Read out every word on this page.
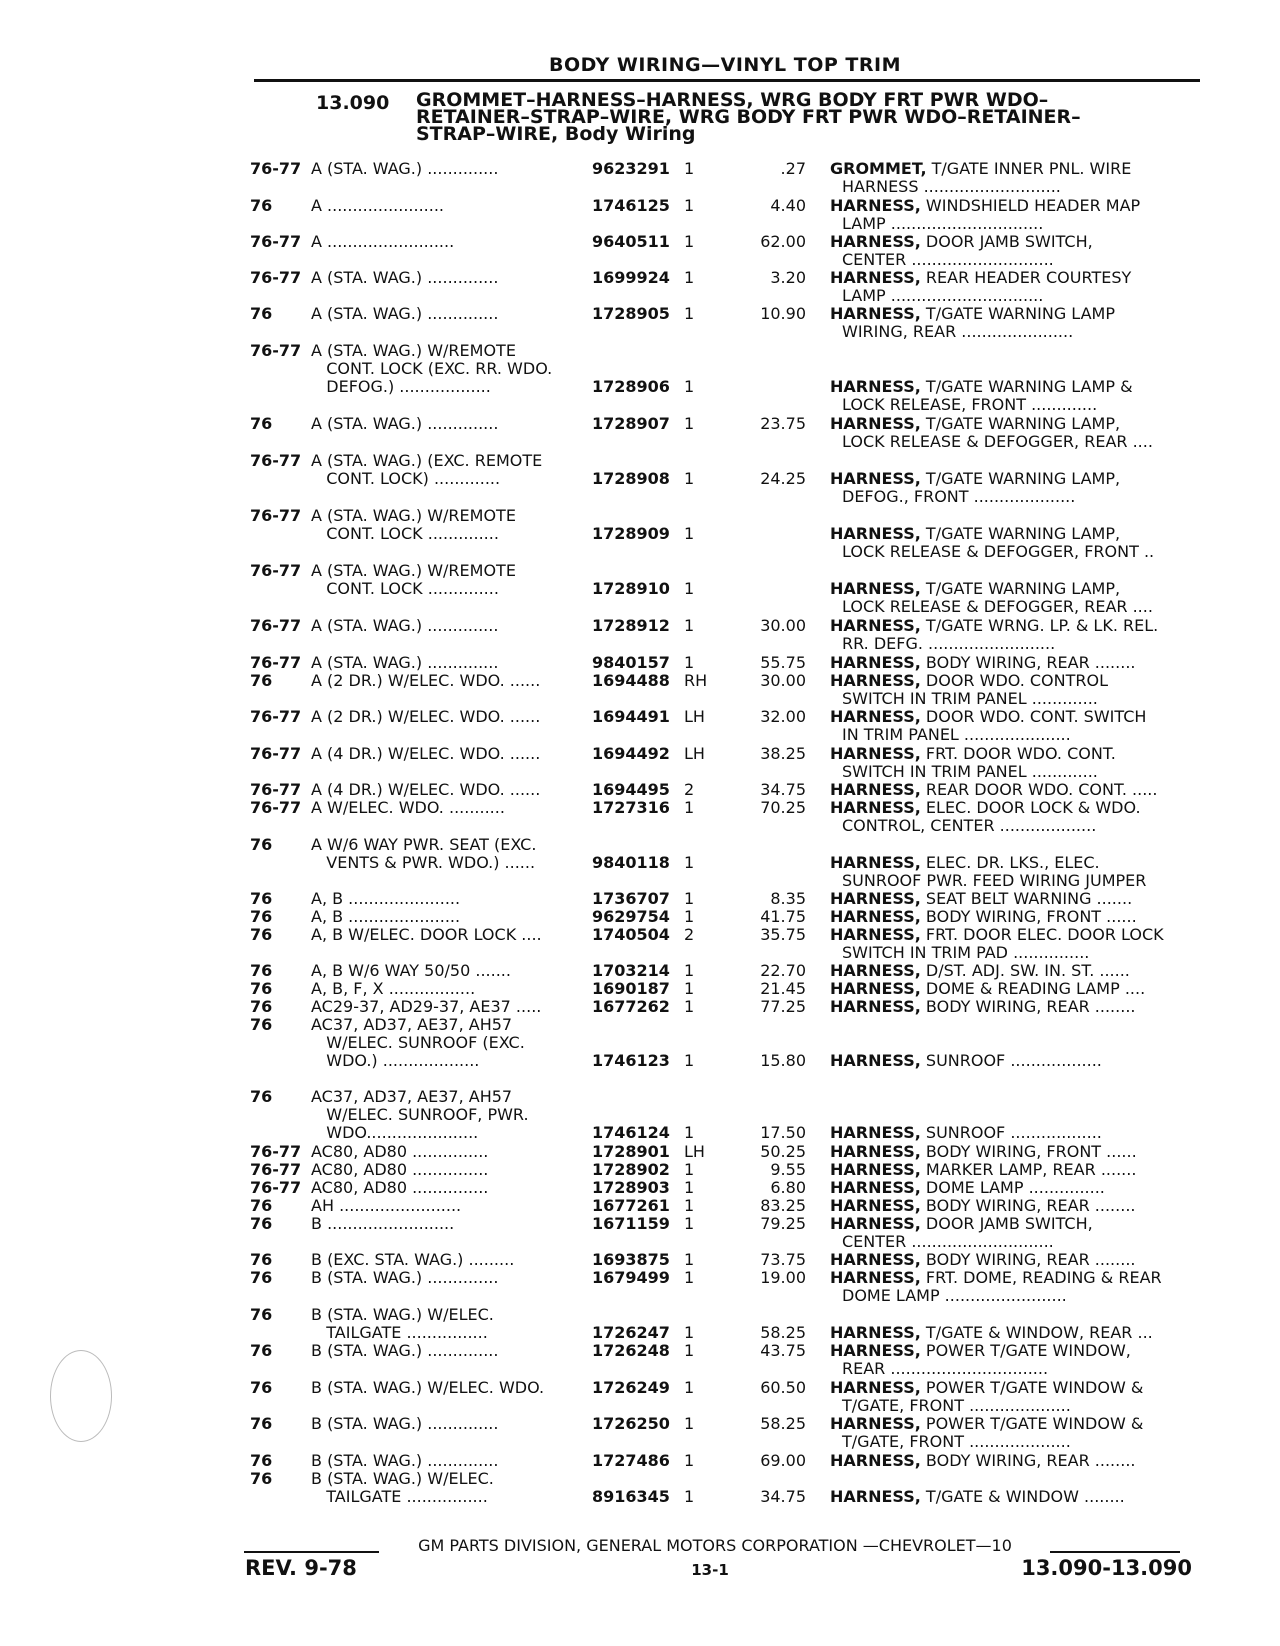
BODY WIRING—VINYL TOP TRIM
13.090 GROMMET–HARNESS–HARNESS, WRG BODY FRT PWR WDO–
RETAINER–STRAP–WIRE, WRG BODY FRT PWR WDO–RETAINER–
STRAP–WIRE, Body Wiring
76-77 A (STA. WAG.) ..............	9623291 1	.27 GROMMET, T/GATE INNER PNL. WIRE
HARNESS ...........................
76	A .......................	1746125 1	4.40 HARNESS, WINDSHIELD HEADER MAP
LAMP ..............................
76-77 A .........................	9640511 1	62.00 HARNESS, DOOR JAMB SWITCH,
CENTER ............................
76-77 A (STA. WAG.) ..............	1699924 1	3.20 HARNESS, REAR HEADER COURTESY
LAMP ..............................
76	A (STA. WAG.) ..............	1728905 1	10.90 HARNESS, T/GATE WARNING LAMP
WIRING, REAR ......................
76-77 A (STA. WAG.) W/REMOTE
CONT. LOCK (EXC. RR. WDO.
DEFOG.) ..................	1728906 1	HARNESS, T/GATE WARNING LAMP &
LOCK RELEASE, FRONT .............
76	A (STA. WAG.) ..............	1728907 1	23.75 HARNESS, T/GATE WARNING LAMP,
LOCK RELEASE & DEFOGGER, REAR ....
76-77 A (STA. WAG.) (EXC. REMOTE
CONT. LOCK) .............	1728908 1	24.25 HARNESS, T/GATE WARNING LAMP,
DEFOG., FRONT ....................
76-77 A (STA. WAG.) W/REMOTE
CONT. LOCK ..............	1728909 1	HARNESS, T/GATE WARNING LAMP,
LOCK RELEASE & DEFOGGER, FRONT ..
76-77 A (STA. WAG.) W/REMOTE
CONT. LOCK ..............	1728910 1	HARNESS, T/GATE WARNING LAMP,
LOCK RELEASE & DEFOGGER, REAR ....
76-77 A (STA. WAG.) ..............	1728912 1	30.00 HARNESS, T/GATE WRNG. LP. & LK. REL.
RR. DEFG. .........................
76-77 A (STA. WAG.) ..............	9840157 1	55.75 HARNESS, BODY WIRING, REAR ........
76	A (2 DR.) W/ELEC. WDO. ......	1694488 RH	30.00 HARNESS, DOOR WDO. CONTROL
SWITCH IN TRIM PANEL .............
76-77 A (2 DR.) W/ELEC. WDO. ......	1694491 LH	32.00 HARNESS, DOOR WDO. CONT. SWITCH
IN TRIM PANEL .....................
76-77 A (4 DR.) W/ELEC. WDO. ......	1694492 LH	38.25 HARNESS, FRT. DOOR WDO. CONT.
SWITCH IN TRIM PANEL .............
76-77 A (4 DR.) W/ELEC. WDO. ......	1694495 2	34.75 HARNESS, REAR DOOR WDO. CONT. .....
76-77 A W/ELEC. WDO. ...........	1727316 1	70.25 HARNESS, ELEC. DOOR LOCK & WDO.
CONTROL, CENTER ...................
76	A W/6 WAY PWR. SEAT (EXC.
VENTS & PWR. WDO.) ......	9840118 1	HARNESS, ELEC. DR. LKS., ELEC.
SUNROOF PWR. FEED WIRING JUMPER
76	A, B ......................	1736707 1	8.35 HARNESS, SEAT BELT WARNING .......
76	A, B ......................	9629754 1	41.75 HARNESS, BODY WIRING, FRONT ......
76	A, B W/ELEC. DOOR LOCK ....	1740504 2	35.75 HARNESS, FRT. DOOR ELEC. DOOR LOCK
SWITCH IN TRIM PAD ...............
76	A, B W/6 WAY 50/50 .......	1703214 1	22.70 HARNESS, D/ST. ADJ. SW. IN. ST. ......
76	A, B, F, X .................	1690187 1	21.45 HARNESS, DOME & READING LAMP ....
76	AC29-37, AD29-37, AE37 .....	1677262 1	77.25 HARNESS, BODY WIRING, REAR ........
76	AC37, AD37, AE37, AH57
W/ELEC. SUNROOF (EXC.
WDO.) ...................	1746123 1	15.80 HARNESS, SUNROOF ..................
76	AC37, AD37, AE37, AH57
W/ELEC. SUNROOF, PWR.
WDO......................	1746124 1	17.50 HARNESS, SUNROOF ..................
76-77 AC80, AD80 ...............	1728901 LH	50.25 HARNESS, BODY WIRING, FRONT ......
76-77 AC80, AD80 ...............	1728902 1	9.55 HARNESS, MARKER LAMP, REAR .......
76-77 AC80, AD80 ...............	1728903 1	6.80 HARNESS, DOME LAMP ...............
76	AH ........................	1677261 1	83.25 HARNESS, BODY WIRING, REAR ........
76	B .........................	1671159 1	79.25 HARNESS, DOOR JAMB SWITCH,
CENTER ............................
76	B (EXC. STA. WAG.) .........	1693875 1	73.75 HARNESS, BODY WIRING, REAR ........
76	B (STA. WAG.) ..............	1679499 1	19.00 HARNESS, FRT. DOME, READING & REAR
DOME LAMP ........................
76	B (STA. WAG.) W/ELEC.
TAILGATE ................	1726247 1	58.25 HARNESS, T/GATE & WINDOW, REAR ...
76	B (STA. WAG.) ..............	1726248 1	43.75 HARNESS, POWER T/GATE WINDOW,
REAR ...............................
76	B (STA. WAG.) W/ELEC. WDO.	1726249 1	60.50 HARNESS, POWER T/GATE WINDOW &
T/GATE, FRONT ....................
76	B (STA. WAG.) ..............	1726250 1	58.25 HARNESS, POWER T/GATE WINDOW &
T/GATE, FRONT ....................
76	B (STA. WAG.) ..............	1727486 1	69.00 HARNESS, BODY WIRING, REAR ........
76	B (STA. WAG.) W/ELEC.
TAILGATE ................	8916345 1	34.75 HARNESS, T/GATE & WINDOW ........
GM PARTS DIVISION, GENERAL MOTORS CORPORATION —CHEVROLET—10
REV. 9-78	13-1	13.090-13.090
